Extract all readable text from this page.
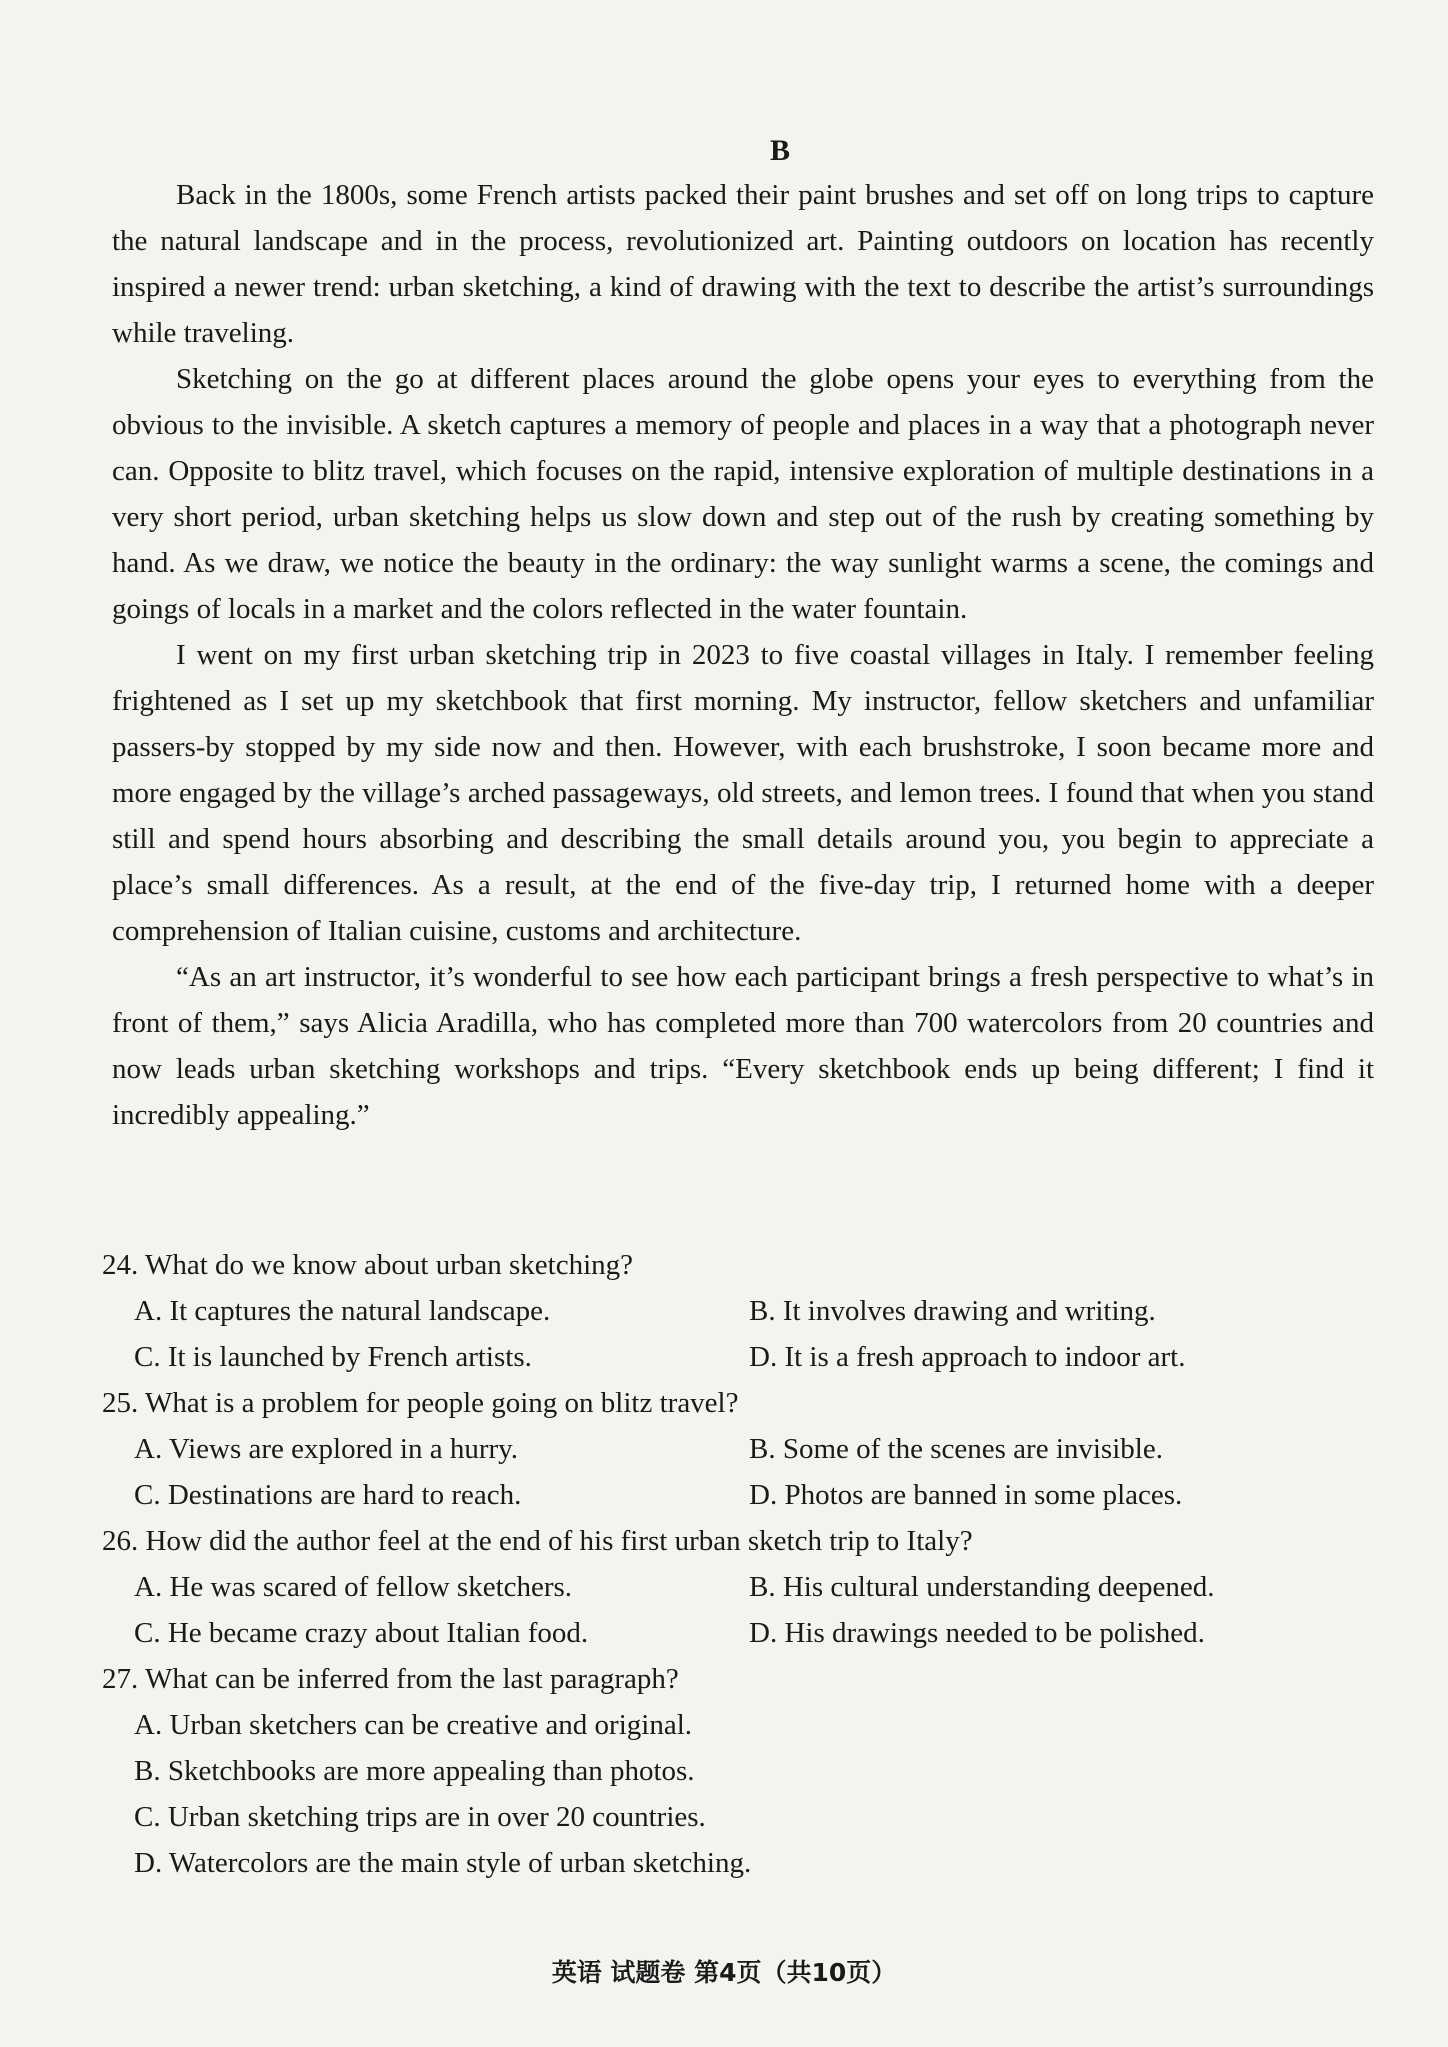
B

Back in the 1800s, some French artists packed their paint brushes and set off on long trips to capture the natural landscape and in the process, revolutionized art. Painting outdoors on location has recently inspired a newer trend: urban sketching, a kind of drawing with the text to describe the artist’s surroundings while traveling.

Sketching on the go at different places around the globe opens your eyes to everything from the obvious to the invisible. A sketch captures a memory of people and places in a way that a photograph never can. Opposite to blitz travel, which focuses on the rapid, intensive exploration of multiple destinations in a very short period, urban sketching helps us slow down and step out of the rush by creating something by hand. As we draw, we notice the beauty in the ordinary: the way sunlight warms a scene, the comings and goings of locals in a market and the colors reflected in the water fountain.

I went on my first urban sketching trip in 2023 to five coastal villages in Italy. I remember feeling frightened as I set up my sketchbook that first morning. My instructor, fellow sketchers and unfamiliar passers-by stopped by my side now and then. However, with each brushstroke, I soon became more and more engaged by the village’s arched passageways, old streets, and lemon trees. I found that when you stand still and spend hours absorbing and describing the small details around you, you begin to appreciate a place’s small differences. As a result, at the end of the five-day trip, I returned home with a deeper comprehension of Italian cuisine, customs and architecture.

“As an art instructor, it’s wonderful to see how each participant brings a fresh perspective to what’s in front of them,” says Alicia Aradilla, who has completed more than 700 watercolors from 20 countries and now leads urban sketching workshops and trips. “Every sketchbook ends up being different; I find it incredibly appealing.”

24. What do we know about urban sketching?
A. It captures the natural landscape.	B. It involves drawing and writing.
C. It is launched by French artists.	D. It is a fresh approach to indoor art.
25. What is a problem for people going on blitz travel?
A. Views are explored in a hurry.	B. Some of the scenes are invisible.
C. Destinations are hard to reach.	D. Photos are banned in some places.
26. How did the author feel at the end of his first urban sketch trip to Italy?
A. He was scared of fellow sketchers.	B. His cultural understanding deepened.
C. He became crazy about Italian food.	D. His drawings needed to be polished.
27. What can be inferred from the last paragraph?
A. Urban sketchers can be creative and original.
B. Sketchbooks are more appealing than photos.
C. Urban sketching trips are in over 20 countries.
D. Watercolors are the main style of urban sketching.
英语 试题卷 第4页（共10页）
